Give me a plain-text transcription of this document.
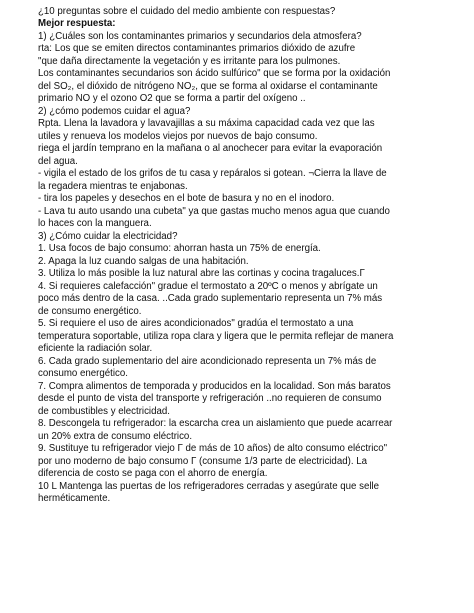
¿10 preguntas sobre el cuidado del medio ambiente con respuestas?
Mejor respuesta:
1) ¿Cuáles son los contaminantes primarios y secundarios dela atmosfera?
rta: Los que se emiten directos contaminantes primarios dióxido de azufre
"que daña directamente la vegetación y es irritante para los pulmones.
Los contaminantes secundarios son ácido sulfúrico" que se forma por la oxidación
del SO₂, el dióxido de nitrógeno NO₂, que se forma al oxidarse el contaminante
primario NO y el ozono O2 que se forma a partir del oxígeno ..
2) ¿cómo podemos cuidar el agua?
Rpta. Llena la lavadora y lavavajillas a su máxima capacidad cada vez que las
utiles y renueva los modelos viejos por nuevos de bajo consumo.
riega el jardín temprano en la mañana o al anochecer para evitar la evaporación
del agua.
- vigila el estado de los grifos de tu casa y repáralos si gotean. ¬Cierra la llave de
la regadera mientras te enjabonas.
- tira los papeles y desechos en el bote de basura y no en el inodoro.
- Lava tu auto usando una cubeta" ya que gastas mucho menos agua que cuando
lo haces con la manguera.
3) ¿Cómo cuidar la electricidad?
1. Usa focos de bajo consumo: ahorran hasta un 75% de energía.
2. Apaga la luz cuando salgas de una habitación.
3. Utiliza lo más posible la luz natural abre las cortinas y cocina tragaluces.Γ
4. Si requieres calefacción" gradue el termostato a 20ºC o menos y abrígate un
poco más dentro de la casa. ..Cada grado suplementario representa un 7% más
de consumo energético.
5. Si requiere el uso de aires acondicionados" gradúa el termostato a una
temperatura soportable, utiliza ropa clara y ligera que le permita reflejar de manera
eficiente la radiación solar.
6. Cada grado suplementario del aire acondicionado representa un 7% más de
consumo energético.
7. Compra alimentos de temporada y producidos en la localidad. Son más baratos
desde el punto de vista del transporte y refrigeración ..no requieren de consumo
de combustibles y electricidad.
8. Descongela tu refrigerador: la escarcha crea un aislamiento que puede acarrear
un 20% extra de consumo eléctrico.
9. Sustituye tu refrigerador viejo Γ de más de 10 años) de alto consumo eléctrico"
por uno moderno de bajo consumo Γ (consume 1/3 parte de electricidad). La
diferencia de costo se paga con el ahorro de energía.
10 L Mantenga las puertas de los refrigeradores cerradas y asegúrate que selle
herméticamente.
